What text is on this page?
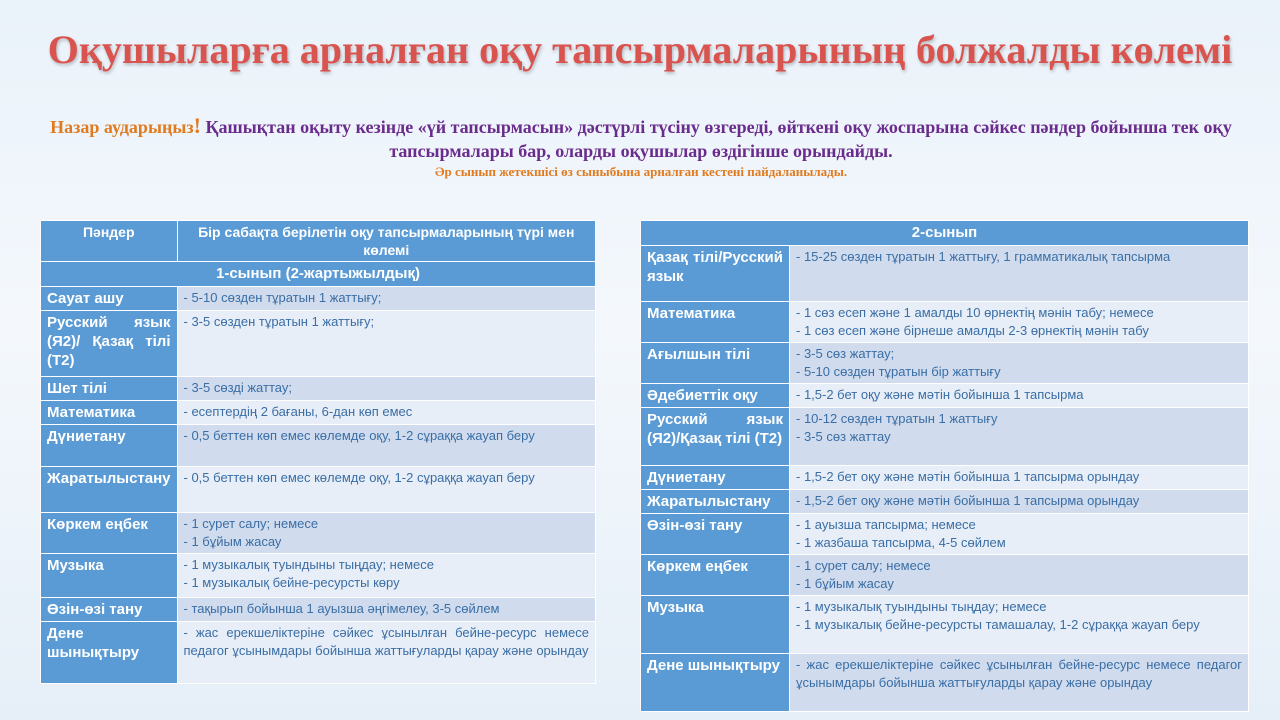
Оқушыларға арналған оқу тапсырмаларының болжалды көлемі
Назар аударыңыз! Қашықтан оқыту кезінде «үй тапсырмасын» дәстүрлі түсіну өзгереді, өйткені оқу жоспарына сәйкес пәндер бойынша тек оқу тапсырмалары бар, оларды оқушылар өздігінше орындайды.
Әр сынып жетекшісі өз сыныбына арналған кестені пайдаланылады.
Пәндер	Бір сабақта берілетін оқу тапсырмаларының түрі мен көлемі
1-сынып (2-жартыжылдық)	
Сауат ашу	- 5-10 сөзден тұратын 1 жаттығу;

Русский язык (Я2)/ Қазақ тілі (Т2)	- 3-5 сөзден тұратын 1 жаттығу;

Шет тілі	- 3-5 сөзді жаттау;

Математика	- есептердің 2 бағаны, 6-дан көп емес

Дүниетану	- 0,5 беттен көп емес көлемде оқу, 1-2 сұраққа жауап беру

Жаратылыстану	- 0,5 беттен көп емес көлемде оқу, 1-2 сұраққа жауап беру

Көркем еңбек	- 1 сурет салу; немесе
- 1 бұйым жасау

Музыка	- 1 музыкалық туындыны тыңдау; немесе
- 1 музыкалық бейне-ресурсты көру

Өзін-өзі тану	- тақырып бойынша 1 ауызша әңгімелеу, 3-5 сөйлем

Дене шынықтыру	- жас ерекшеліктеріне сәйкес ұсынылған бейне-ресурс немесе педагог ұсынымдары бойынша жаттығуларды қарау және орындау
2-сынып	
Қазақ тілі/Русский язык	- 15-25 сөзден тұратын 1 жаттығу, 1 грамматикалық тапсырма

Математика	- 1 сөз есеп және 1 амалды 10 өрнектің мәнін табу; немесе
- 1 сөз есеп және бірнеше амалды 2-3 өрнектің мәнін табу

Ағылшын тілі	- 3-5 сөз жаттау;
- 5-10 сөзден тұратын бір жаттығу

Әдебиеттік оқу	- 1,5-2 бет оқу және мәтін бойынша 1 тапсырма

Русский язык (Я2)/Қазақ тілі (Т2)	- 10-12 сөзден тұратын 1 жаттығу
- 3-5 сөз жаттау

Дүниетану	- 1,5-2 бет оқу және мәтін бойынша 1 тапсырма орындау

Жаратылыстану	- 1,5-2 бет оқу және мәтін бойынша 1 тапсырма орындау

Өзін-өзі тану	- 1 ауызша тапсырма; немесе
- 1 жазбаша тапсырма, 4-5 сөйлем

Көркем еңбек	- 1 сурет салу; немесе
- 1 бұйым жасау

Музыка	- 1 музыкалық туындыны тыңдау; немесе
- 1 музыкалық бейне-ресурсты тамашалау, 1-2 сұраққа жауап беру

Дене шынықтыру	- жас ерекшеліктеріне сәйкес ұсынылған бейне-ресурс немесе педагог ұсынымдары бойынша жаттығуларды қарау және орындау
